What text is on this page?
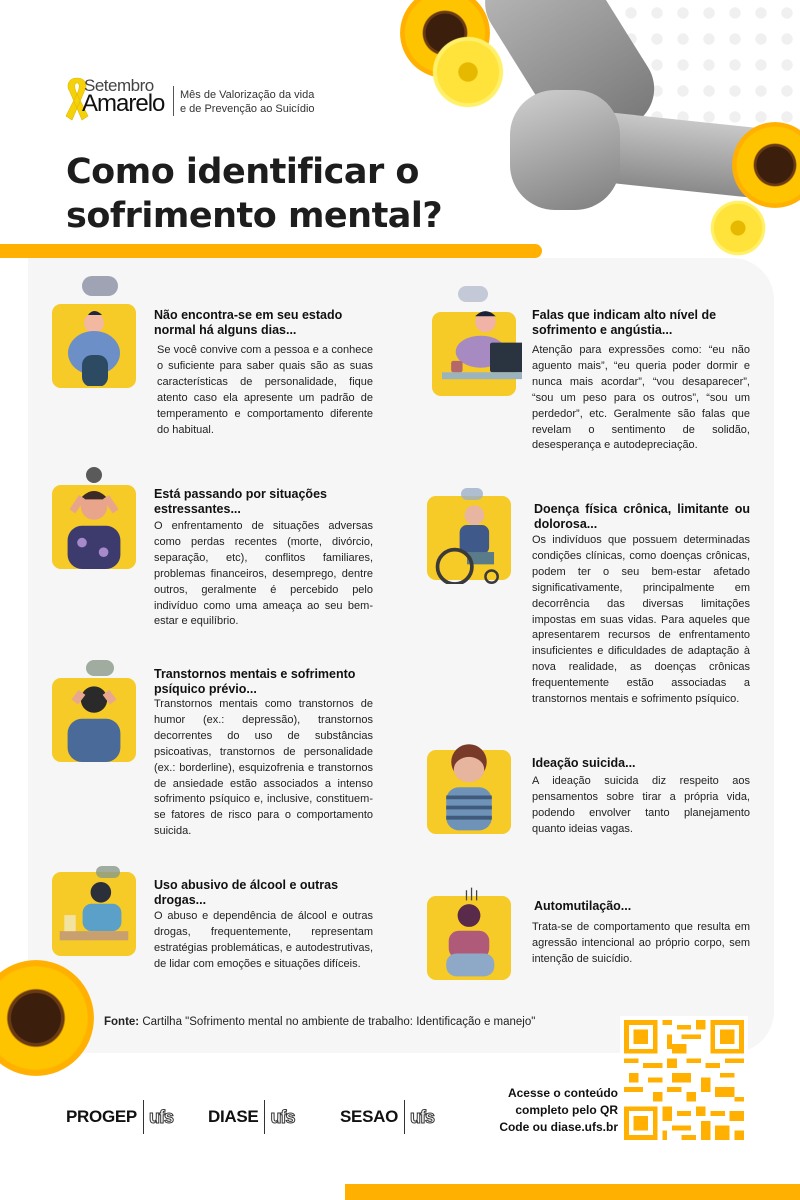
Setembro
Amarelo Mês de Valorização da vida
e de Prevenção ao Suicídio
Como identificar o
sofrimento mental?
Não encontra-se em seu estado normal há alguns dias...

Se você convive com a pessoa e a conhece o suficiente para saber quais são as suas características de personalidade, fique atento caso ela apresente um padrão de temperamento e comportamento diferente do habitual.

Falas que indicam alto nível de sofrimento e angústia...

Atenção para expressões como: “eu não aguento mais”, “eu queria poder dormir e nunca mais acordar”, “vou desaparecer”, “sou um peso para os outros”, “sou um perdedor”, etc. Geralmente são falas que revelam o sentimento de solidão, desesperança e autodepreciação.

Está passando por situações estressantes...

O enfrentamento de situações adversas como perdas recentes (morte, divórcio, separação, etc), conflitos familiares, problemas financeiros, desemprego, dentre outros, geralmente é percebido pelo indivíduo como uma ameaça ao seu bem-estar e equilíbrio.

Doença física crônica, limitante ou dolorosa...

Os indivíduos que possuem determinadas condições clínicas, como doenças crônicas, podem ter o seu bem-estar afetado significativamente, principalmente em decorrência das diversas limitações impostas em suas vidas. Para aqueles que apresentarem recursos de enfrentamento insuficientes e dificuldades de adaptação à nova realidade, as doenças crônicas frequentemente estão associadas a transtornos mentais e sofrimento psíquico.

Transtornos mentais e sofrimento psíquico prévio...

Transtornos mentais como transtornos de humor (ex.: depressão), transtornos decorrentes do uso de substâncias psicoativas, transtornos de personalidade (ex.: borderline), esquizofrenia e transtornos de ansiedade estão associados a intenso sofrimento psíquico e, inclusive, constituem-se fatores de risco para o comportamento suicida.

Ideação suicida...

A ideação suicida diz respeito aos pensamentos sobre tirar a própria vida, podendo envolver tanto planejamento quanto ideias vagas.

Uso abusivo de álcool e outras drogas...

O abuso e dependência de álcool e outras drogas, frequentemente, representam estratégias problemáticas, e autodestrutivas, de lidar com emoções e situações difíceis.

Automutilação...

Trata-se de comportamento que resulta em agressão intencional ao próprio corpo, sem intenção de suicídio.

Fonte: Cartilha "Sofrimento mental no ambiente de trabalho: Identificação e manejo"
PROGEP ufs DIASE ufs	SESAO ufs
Acesse o conteúdo completo pelo QR Code ou diase.ufs.br
